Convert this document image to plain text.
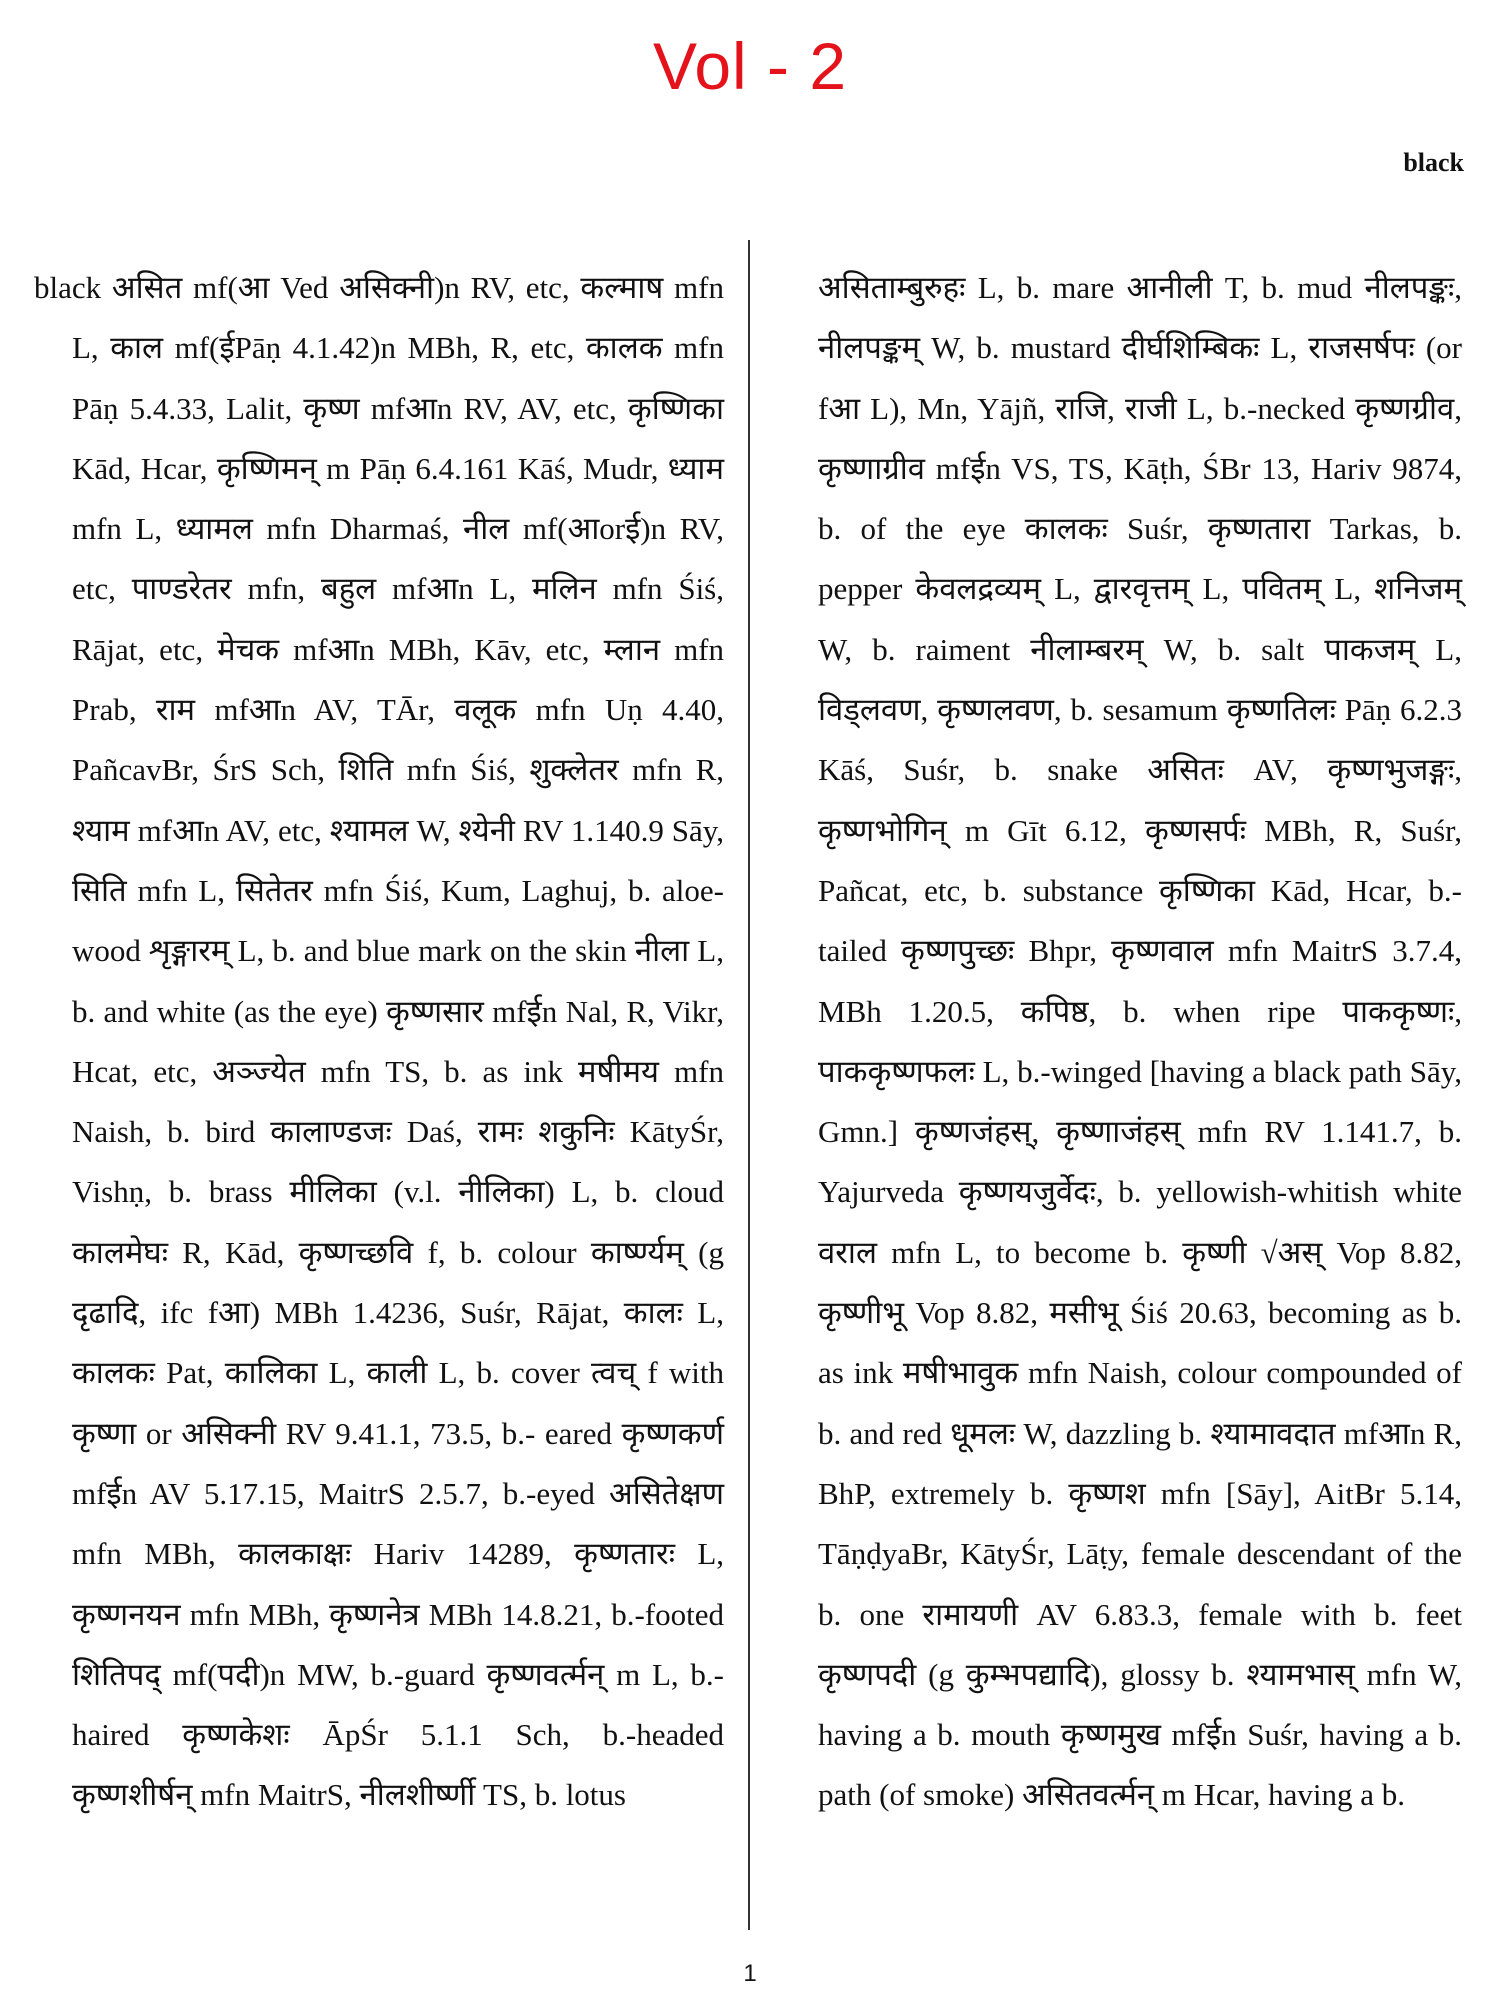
Vol - 2
black

black असित mf(आ Ved असिक्नी)n RV, etc, कल्माष mfn L, काल mf(ईPāṇ 4.1.42)n MBh, R, etc, कालक mfn Pāṇ 5.4.33, Lalit, कृष्ण mfआn RV, AV, etc, कृष्णिका Kād, Hcar, कृष्णिमन् m Pāṇ 6.4.161 Kāś, Mudr, ध्याम mfn L, ध्यामल mfn Dharmaś, नील mf(आorई)n RV, etc, पाण्डरेतर mfn, बहुल mfआn L, मलिन mfn Śiś, Rājat, etc, मेचक mfआn MBh, Kāv, etc, म्लान mfn Prab, राम mfआn AV, TĀr, वलूक mfn Uṇ 4.40, PañcavBr, ŚrS Sch, शिति mfn Śiś, शुक्लेतर mfn R, श्याम mfआn AV, etc, श्यामल W, श्येनी RV 1.140.9 Sāy, सिति mfn L, सितेतर mfn Śiś, Kum, Laghuj, b. aloe-wood शृङ्गारम् L, b. and blue mark on the skin नीला L, b. and white (as the eye) कृष्णसार mfईn Nal, R, Vikr, Hcat, etc, अञ्ज्येत mfn TS, b. as ink मषीमय mfn Naish, b. bird कालाण्डजः Daś, रामः शकुनिः KātyŚr, Vishṇ, b. brass मीलिका (v.l. नीलिका) L, b. cloud कालमेघः R, Kād, कृष्णच्छवि f, b. colour कार्ष्ण्यम् (g दृढादि, ifc fआ) MBh 1.4236, Suśr, Rājat, कालः L, कालकः Pat, कालिका L, काली L, b. cover त्वच् f with कृष्णा or असिक्नी RV 9.41.1, 73.5, b.- eared कृष्णकर्ण mfईn AV 5.17.15, MaitrS 2.5.7, b.-eyed असितेक्षण mfn MBh, कालकाक्षः Hariv 14289, कृष्णतारः L, कृष्णनयन mfn MBh, कृष्णनेत्र MBh 14.8.21, b.-footed शितिपद् mf(पदी)n MW, b.-guard कृष्णवर्त्मन् m L, b.-haired कृष्णकेशः ĀpŚr 5.1.1 Sch, b.-headed कृष्णशीर्षन् mfn MaitrS, नीलशीर्ष्णी TS, b. lotus

असिताम्बुरुहः L, b. mare आनीली T, b. mud नीलपङ्कः, नीलपङ्कम् W, b. mustard दीर्घशिम्बिकः L, राजसर्षपः (or fआ L), Mn, Yājñ, राजि, राजी L, b.-necked कृष्णग्रीव, कृष्णाग्रीव mfईn VS, TS, Kāṭh, ŚBr 13, Hariv 9874, b. of the eye कालकः Suśr, कृष्णतारा Tarkas, b. pepper केवलद्रव्यम् L, द्वारवृत्तम् L, पवितम् L, शनिजम् W, b. raiment नीलाम्बरम् W, b. salt पाकजम् L, विड्लवण, कृष्णलवण, b. sesamum कृष्णतिलः Pāṇ 6.2.3 Kāś, Suśr, b. snake असितः AV, कृष्णभुजङ्गः, कृष्णभोगिन् m Gīt 6.12, कृष्णसर्पः MBh, R, Suśr, Pañcat, etc, b. substance कृष्णिका Kād, Hcar, b.-tailed कृष्णपुच्छः Bhpr, कृष्णवाल mfn MaitrS 3.7.4, MBh 1.20.5, कपिष्ठ, b. when ripe पाककृष्णः, पाककृष्णफलः L, b.-winged [having a black path Sāy, Gmn.] कृष्णजंहस्, कृष्णाजंहस् mfn RV 1.141.7, b. Yajurveda कृष्णयजुर्वेदः, b. yellowish-whitish white वराल mfn L, to become b. कृष्णी √अस् Vop 8.82, कृष्णीभू Vop 8.82, मसीभू Śiś 20.63, becoming as b. as ink मषीभावुक mfn Naish, colour compounded of b. and red धूमलः W, dazzling b. श्यामावदात mfआn R, BhP, extremely b. कृष्णश mfn [Sāy], AitBr 5.14, TāṇḍyaBr, KātyŚr, Lāṭy, female descendant of the b. one रामायणी AV 6.83.3, female with b. feet कृष्णपदी (g कुम्भपद्यादि), glossy b. श्यामभास् mfn W, having a b. mouth कृष्णमुख mfईn Suśr, having a b. path (of smoke) असितवर्त्मन् m Hcar, having a b.

1
